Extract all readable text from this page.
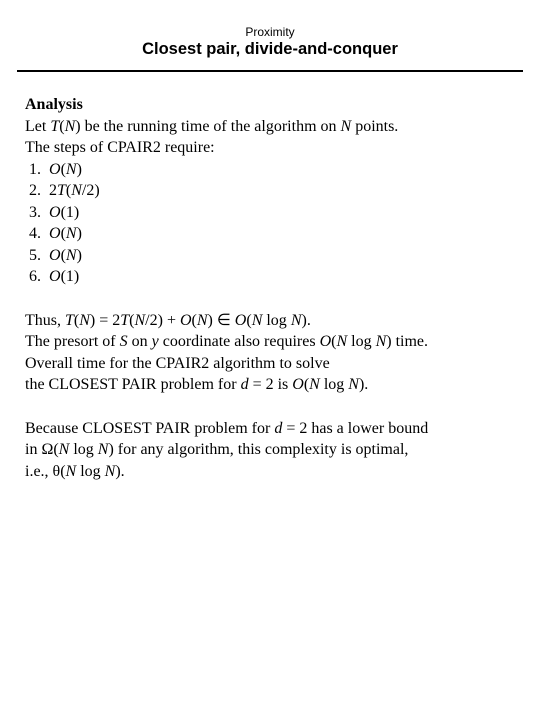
Proximity
Closest pair, divide-and-conquer
Analysis
Let T(N) be the running time of the algorithm on N points.
The steps of CPAIR2 require:
1. O(N)
2. 2T(N/2)
3. O(1)
4. O(N)
5. O(N)
6. O(1)
Thus, T(N) = 2T(N/2) + O(N) ∈ O(N log N).
The presort of S on y coordinate also requires O(N log N) time.
Overall time for the CPAIR2 algorithm to solve
the CLOSEST PAIR problem for d = 2 is O(N log N).
Because CLOSEST PAIR problem for d = 2 has a lower bound
in Ω(N log N) for any algorithm, this complexity is optimal,
i.e., θ(N log N).
